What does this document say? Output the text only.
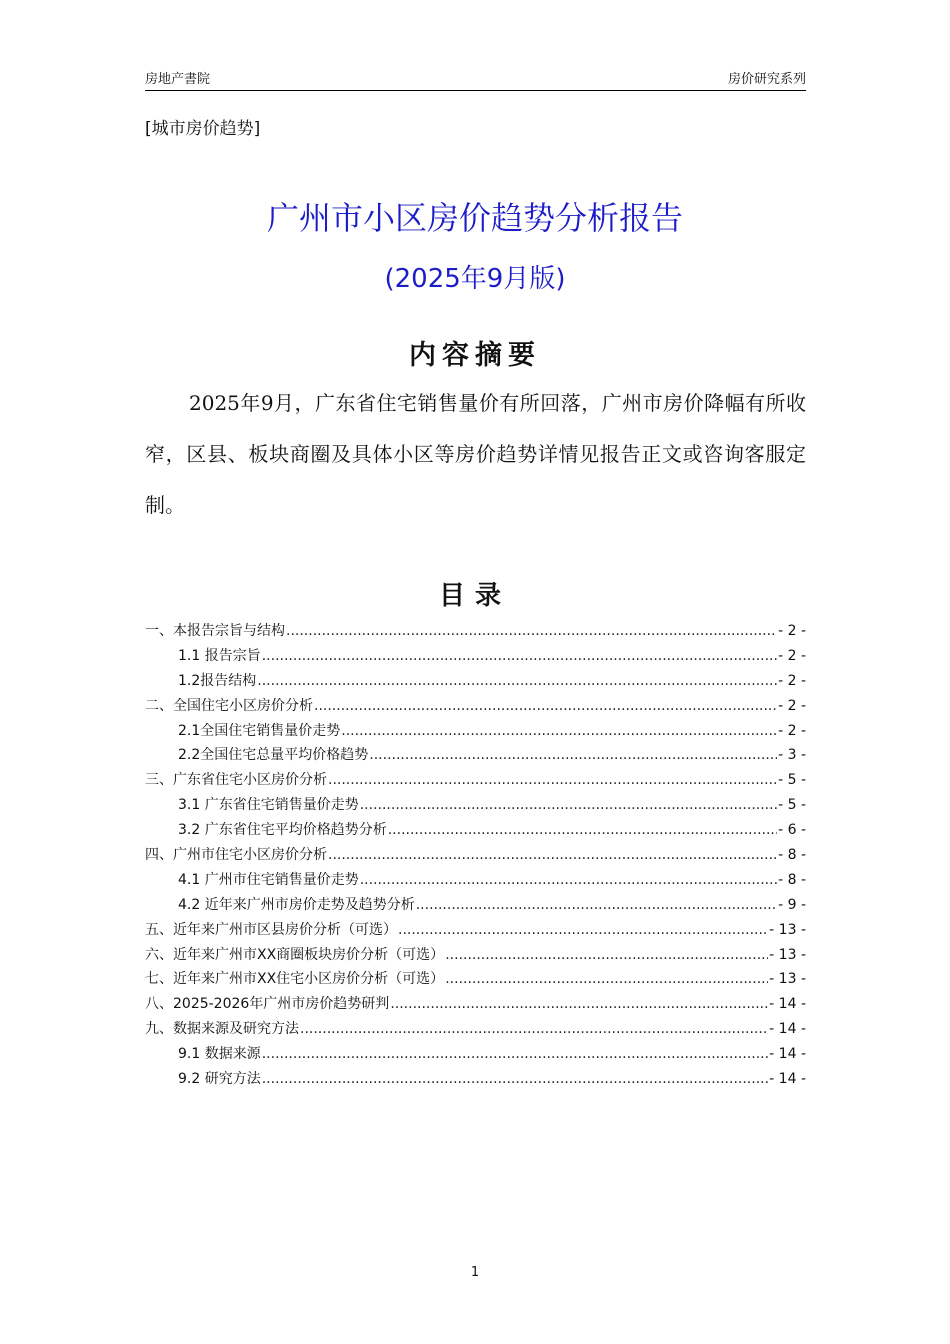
房地产書院	房价研究系列
[城市房价趋势]
广州市小区房价趋势分析报告
(2025年9月版)
内容摘要
2025年9月，广东省住宅销售量价有所回落，广州市房价降幅有所收窄，区县、板块商圈及具体小区等房价趋势详情见报告正文或咨询客服定制。
目录
一、本报告宗旨与结构 .....	- 2 -
1.1 报告宗旨 .....	- 2 -
1.2报告结构 .....	- 2 -
二、全国住宅小区房价分析 .....	- 2 -
2.1全国住宅销售量价走势 .....	- 2 -
2.2全国住宅总量平均价格趋势 .....	- 3 -
三、广东省住宅小区房价分析 .....	- 5 -
3.1 广东省住宅销售量价走势 .....	- 5 -
3.2 广东省住宅平均价格趋势分析 .....	- 6 -
四、广州市住宅小区房价分析 .....	- 8 -
4.1 广州市住宅销售量价走势 .....	- 8 -
4.2 近年来广州市房价走势及趋势分析 .....	- 9 -
五、近年来广州市区县房价分析（可选） .....	- 13 -
六、近年来广州市XX商圈板块房价分析（可选） .....	- 13 -
七、近年来广州市XX住宅小区房价分析（可选） .....	- 13 -
八、2025-2026年广州市房价趋势研判 .....	- 14 -
九、数据来源及研究方法 .....	- 14 -
9.1 数据来源 .....	- 14 -
9.2 研究方法 .....	- 14 -
1
